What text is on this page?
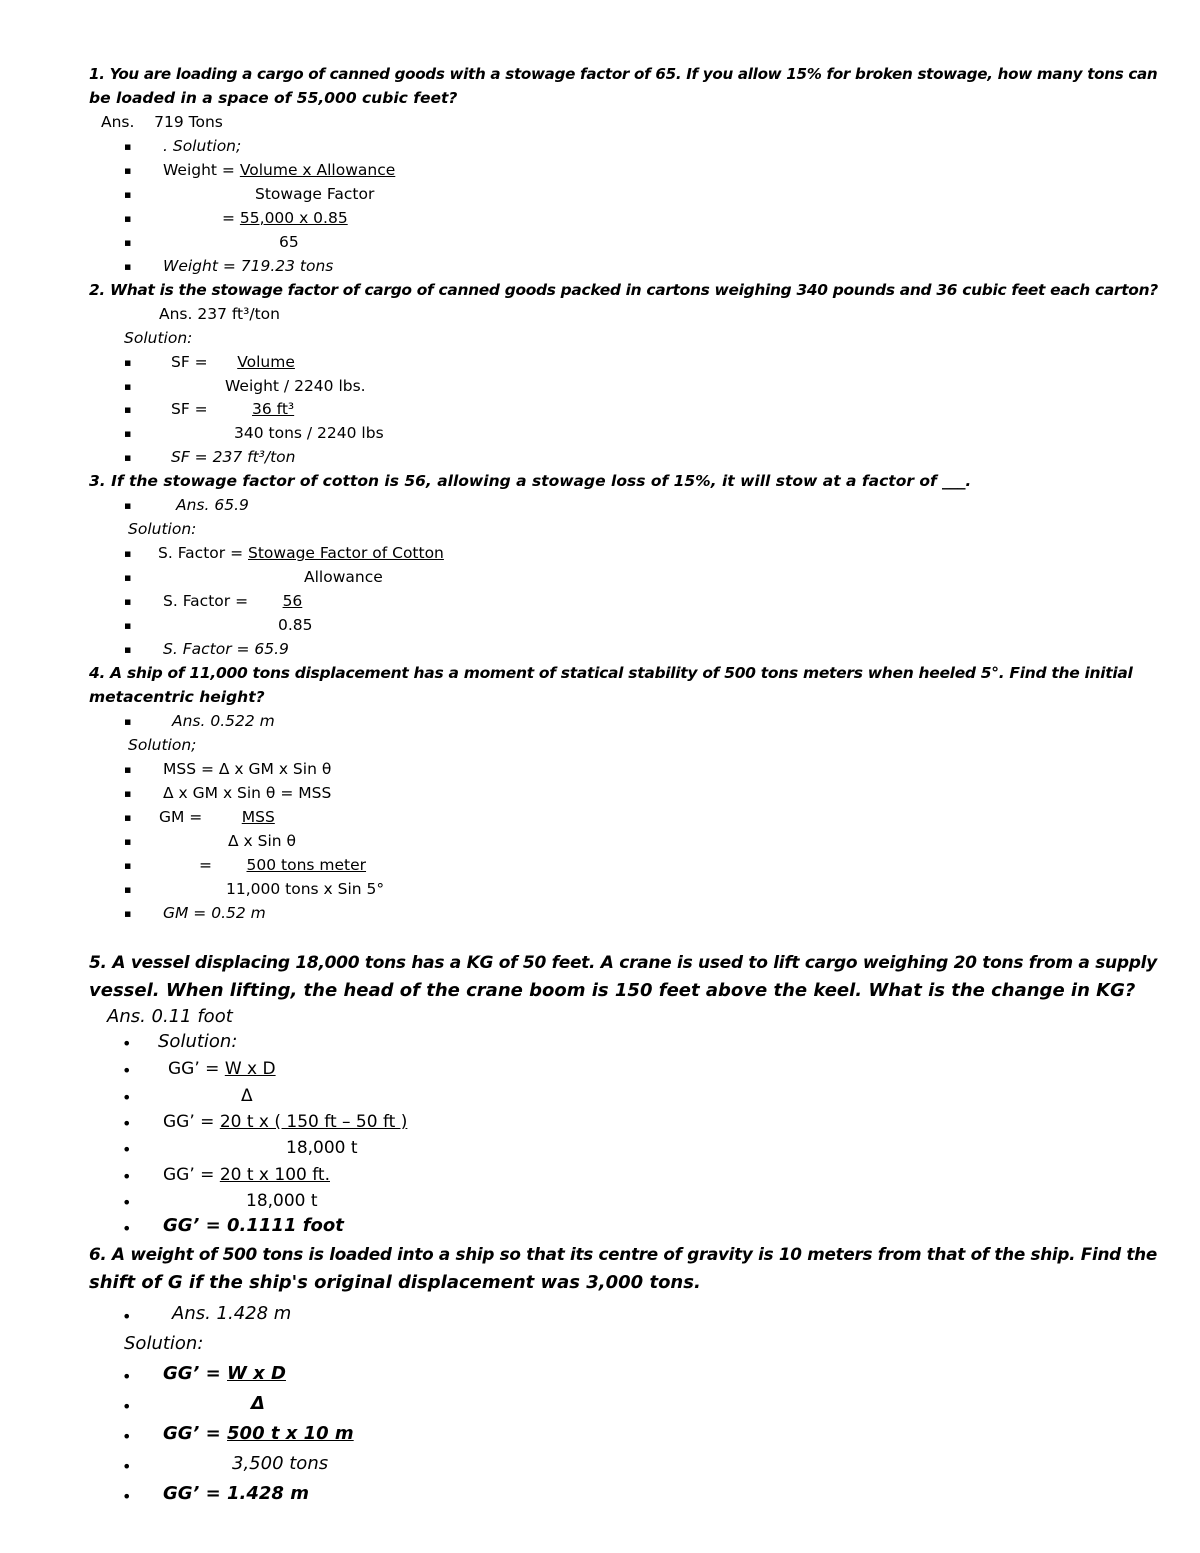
1. You are loading a cargo of canned goods with a stowage factor of 65. If you allow 15% for broken stowage, how many tons can
be loaded in a space of 55,000 cubic feet?
Ans. 719 Tons
▪ . Solution;
▪ Weight = Volume x Allowance
▪	Stowage Factor
▪	= 55,000 x 0.85
▪	65
▪ Weight = 719.23 tons
2. What is the stowage factor of cargo of canned goods packed in cartons weighing 340 pounds and 36 cubic feet each carton?
Ans. 237 ft³/ton
Solution:
▪	SF = Volume
▪	Weight / 2240 lbs.
▪	SF =	36 ft³
▪	340 tons / 2240 lbs
▪	SF = 237 ft³/ton
3. If the stowage factor of cotton is 56, allowing a stowage loss of 15%, it will stow at a factor of ___.
▪	Ans. 65.9
Solution:
▪ S. Factor = Stowage Factor of Cotton
▪	Allowance
▪ S. Factor = 56
▪	0.85
▪ S. Factor = 65.9
4. A ship of 11,000 tons displacement has a moment of statical stability of 500 tons meters when heeled 5°. Find the initial
metacentric height?
▪	Ans. 0.522 m
Solution;
▪ MSS = Δ x GM x Sin θ
▪ Δ x GM x Sin θ = MSS
▪ GM =	MSS
▪	Δ x Sin θ
▪	= 500 tons meter
▪	11,000 tons x Sin 5°
▪ GM = 0.52 m
5. A vessel displacing 18,000 tons has a KG of 50 feet. A crane is used to lift cargo weighing 20 tons from a supply
vessel. When lifting, the head of the crane boom is 150 feet above the keel. What is the change in KG?
Ans. 0.11 foot
• Solution:
• GG’ = W x D
•	Δ
• GG’ = 20 t x ( 150 ft – 50 ft )
•	18,000 t
• GG’ = 20 t x 100 ft.
•	18,000 t
• GG’ = 0.1111 foot
6. A weight of 500 tons is loaded into a ship so that its centre of gravity is 10 meters from that of the ship. Find the
shift of G if the ship's original displacement was 3,000 tons.
• Ans. 1.428 m
Solution:
• GG’ = W x D
•	Δ
• GG’ = 500 t x 10 m
•	3,500 tons
• GG’ = 1.428 m
